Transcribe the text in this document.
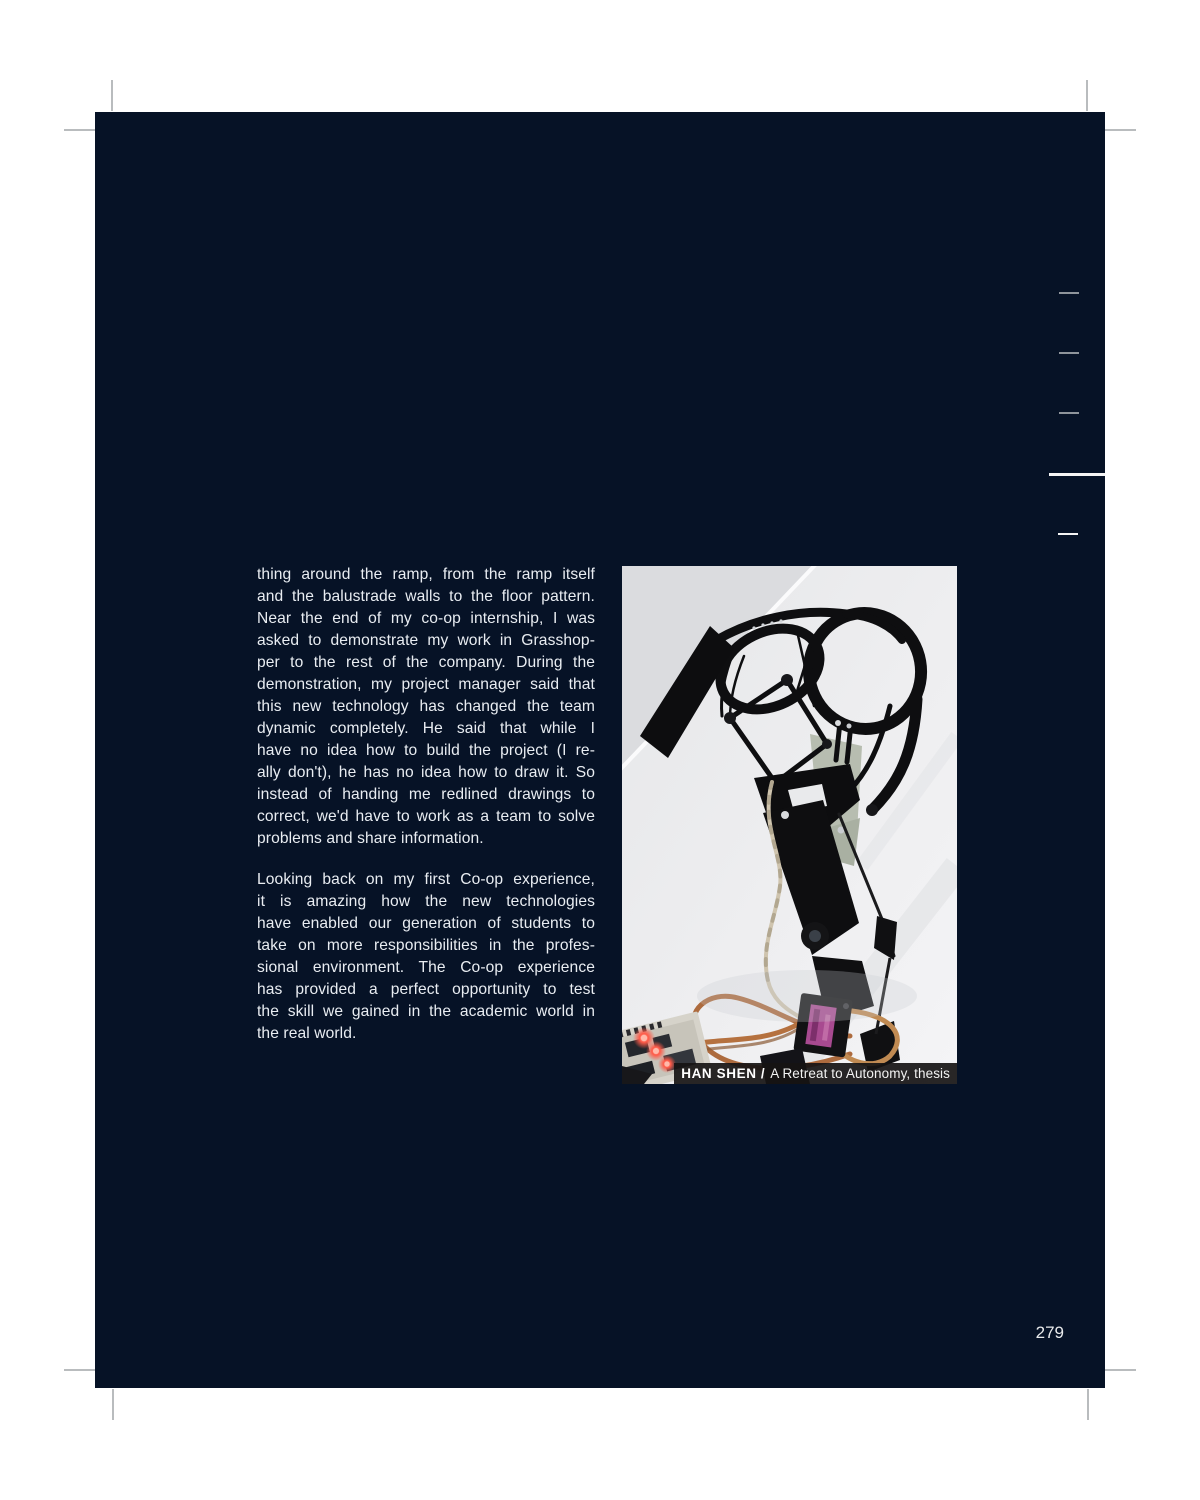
thing around the ramp, from the ramp itself
and the balustrade walls to the floor pattern.
Near the end of my co-op internship, I was
asked to demonstrate my work in Grasshop-
per to the rest of the company. During the
demonstration, my project manager said that
this new technology has changed the team
dynamic completely. He said that while I
have no idea how to build the project (I re-
ally don't), he has no idea how to draw it. So
instead of handing me redlined drawings to
correct, we'd have to work as a team to solve
problems and share information.
Looking back on my first Co-op experience,
it is amazing how the new technologies
have enabled our generation of students to
take on more responsibilities in the profes-
sional environment. The Co-op experience
has provided a perfect opportunity to test
the skill we gained in the academic world in
the real world.
HAN SHEN / A Retreat to Autonomy, thesis
279
